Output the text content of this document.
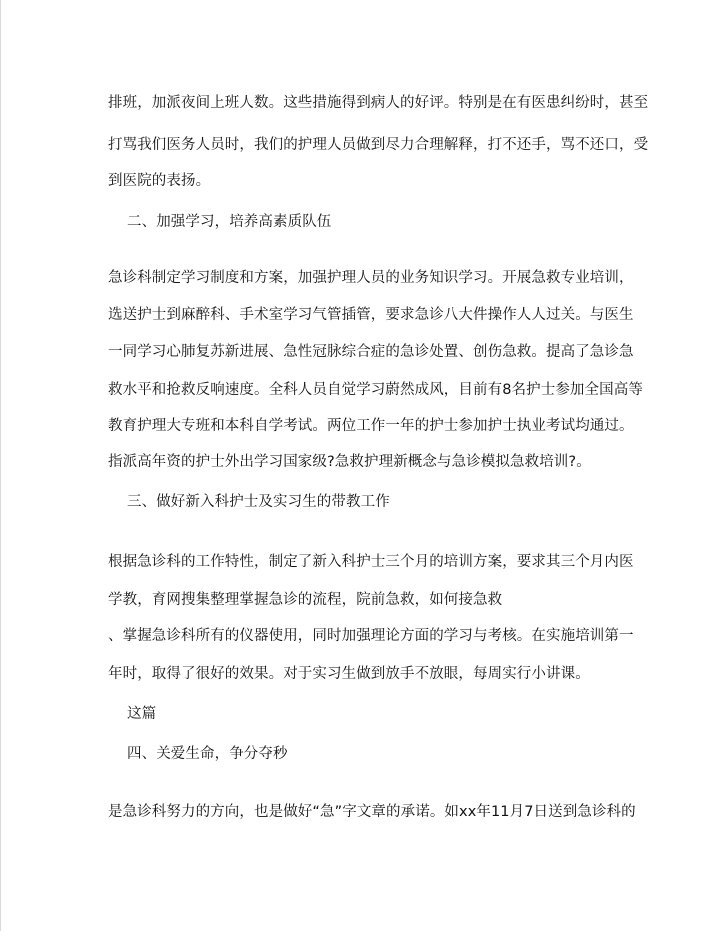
排班，加派夜间上班人数。这些措施得到病人的好评。特别是在有医患纠纷时，甚至
打骂我们医务人员时，我们的护理人员做到尽力合理解释，打不还手，骂不还口，受
到医院的表扬。
二、加强学习，培养高素质队伍
急诊科制定学习制度和方案，加强护理人员的业务知识学习。开展急救专业培训，
选送护士到麻醉科、手术室学习气管插管，要求急诊八大件操作人人过关。与医生
一同学习心肺复苏新进展、急性冠脉综合症的急诊处置、创伤急救。提高了急诊急
救水平和抢救反响速度。全科人员自觉学习蔚然成风，目前有8名护士参加全国高等
教育护理大专班和本科自学考试。两位工作一年的护士参加护士执业考试均通过。
指派高年资的护士外出学习国家级?急救护理新概念与急诊模拟急救培训?。
三、做好新入科护士及实习生的带教工作
根据急诊科的工作特性，制定了新入科护士三个月的培训方案，要求其三个月内医
学教，育网搜集整理掌握急诊的流程，院前急救，如何接急救
、掌握急诊科所有的仪器使用，同时加强理论方面的学习与考核。在实施培训第一
年时，取得了很好的效果。对于实习生做到放手不放眼，每周实行小讲课。
这篇
四、关爱生命，争分夺秒
是急诊科努力的方向，也是做好“急”字文章的承诺。如xx年11月7日送到急诊科的
